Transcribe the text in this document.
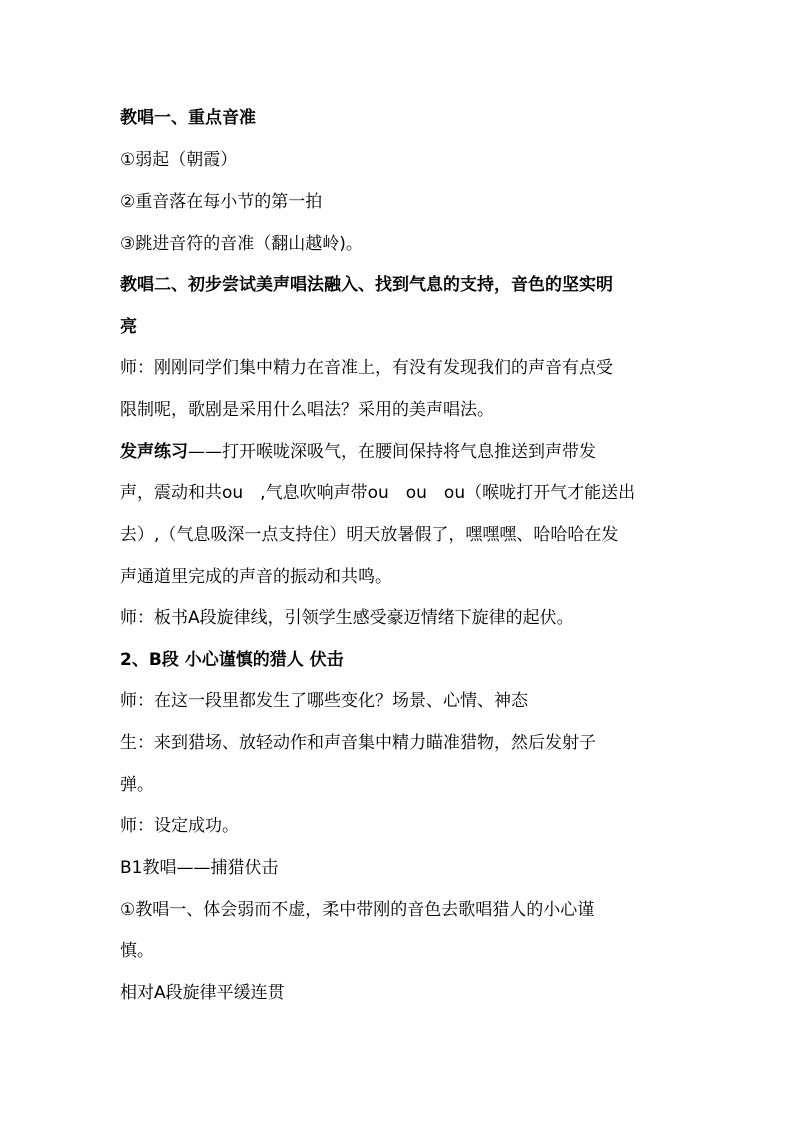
教唱一、重点音准
①弱起（朝霞）
②重音落在每小节的第一拍
③跳进音符的音准（翻山越岭)。
教唱二、初步尝试美声唱法融入、找到气息的支持，音色的坚实明
亮
师：刚刚同学们集中精力在音准上，有没有发现我们的声音有点受
限制呢，歌剧是采用什么唱法？采用的美声唱法。
发声练习——打开喉咙深吸气，在腰间保持将气息推送到声带发
声，震动和共ou　,气息吹响声带ou　ou　ou（喉咙打开气才能送出
去）,（气息吸深一点支持住）明天放暑假了，嘿嘿嘿、哈哈哈在发
声通道里完成的声音的振动和共鸣。
师：板书A段旋律线，引领学生感受豪迈情绪下旋律的起伏。
2、B段 小心谨慎的猎人 伏击
师：在这一段里都发生了哪些变化？场景、心情、神态
生：来到猎场、放轻动作和声音集中精力瞄准猎物，然后发射子
弹。
师：设定成功。
B1教唱——捕猎伏击
①教唱一、体会弱而不虚，柔中带刚的音色去歌唱猎人的小心谨
慎。
相对A段旋律平缓连贯
